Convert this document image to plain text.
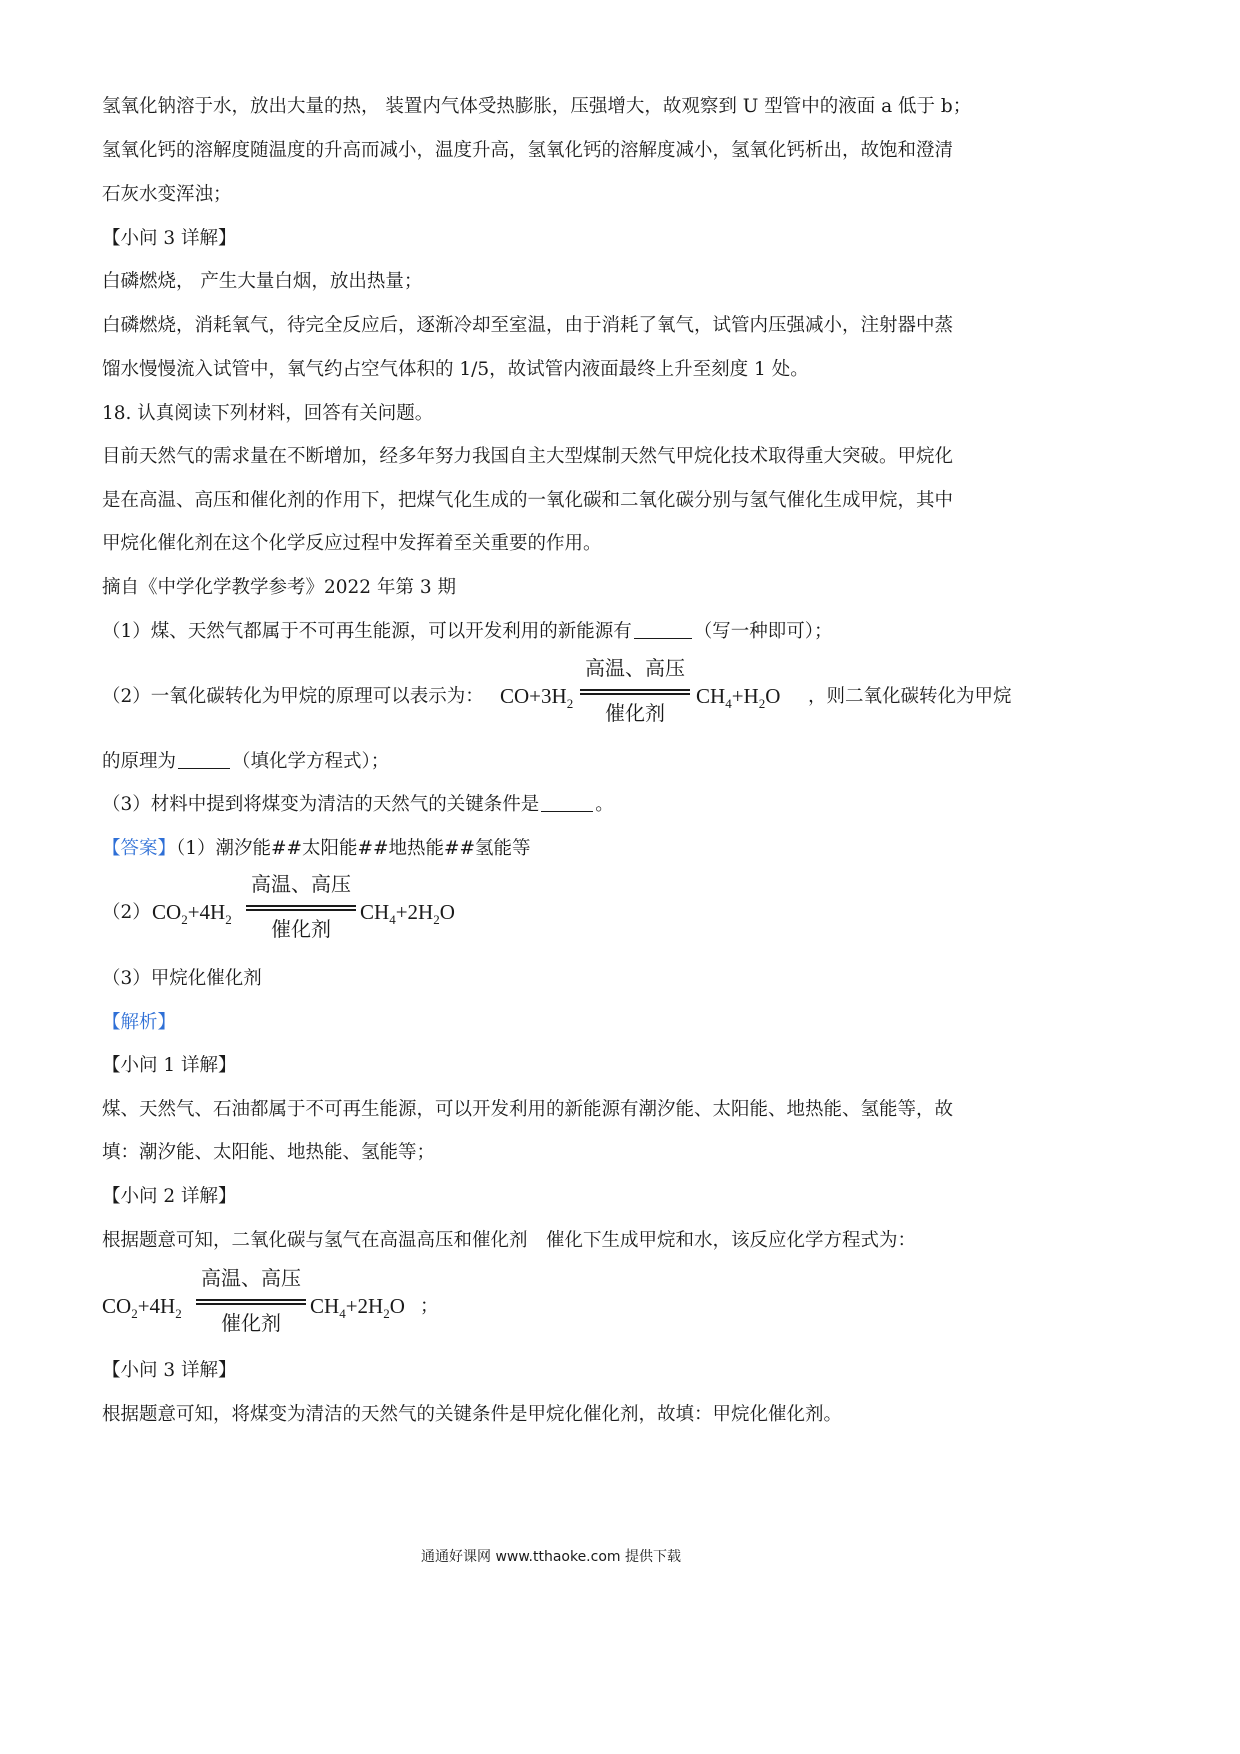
氢氧化钠溶于水，放出大量的热， 装置内气体受热膨胀，压强增大，故观察到 U 型管中的液面 a 低于 b；
氢氧化钙的溶解度随温度的升高而减小，温度升高，氢氧化钙的溶解度减小，氢氧化钙析出，故饱和澄清
石灰水变浑浊；
【小问 3 详解】
白磷燃烧， 产生大量白烟，放出热量；
白磷燃烧，消耗氧气，待完全反应后，逐渐冷却至室温，由于消耗了氧气，试管内压强减小，注射器中蒸
馏水慢慢流入试管中，氧气约占空气体积的 1/5，故试管内液面最终上升至刻度 1 处。
18. 认真阅读下列材料，回答有关问题。
目前天然气的需求量在不断增加，经多年努力我国自主大型煤制天然气甲烷化技术取得重大突破。甲烷化
是在高温、高压和催化剂的作用下，把煤气化生成的一氧化碳和二氧化碳分别与氢气催化生成甲烷，其中
甲烷化催化剂在这个化学反应过程中发挥着至关重要的作用。
摘自《中学化学教学参考》2022 年第 3 期
（1）煤、天然气都属于不可再生能源，可以开发利用的新能源有	（写一种即可）；
（2）一氧化碳转化为甲烷的原理可以表示为： $CO+3H_2$
高温、高压
催化剂
$CH_4+H_2O$ ，则二氧化碳转化为甲烷
的原理为	（填化学方程式）；
（3）材料中提到将煤变为清洁的天然气的关键条件是	。
【答案】（1）潮汐能##太阳能##地热能##氢能等
（2） $CO_2+4H_2$
高温、高压
催化剂
$CH_4+2H_2O$
（3）甲烷化催化剂
【解析】
【小问 1 详解】
煤、天然气、石油都属于不可再生能源，可以开发利用的新能源有潮汐能、太阳能、地热能、氢能等，故
填：潮汐能、太阳能、地热能、氢能等；
【小问 2 详解】
根据题意可知，二氧化碳与氢气在高温高压和催化剂　催化下生成甲烷和水，该反应化学方程式为：
$CO_2+4H_2$
高温、高压
催化剂
$CH_4+2H_2O$ ；
【小问 3 详解】
根据题意可知，将煤变为清洁的天然气的关键条件是甲烷化催化剂，故填：甲烷化催化剂。
通通好课网 www.tthaoke.com 提供下载
